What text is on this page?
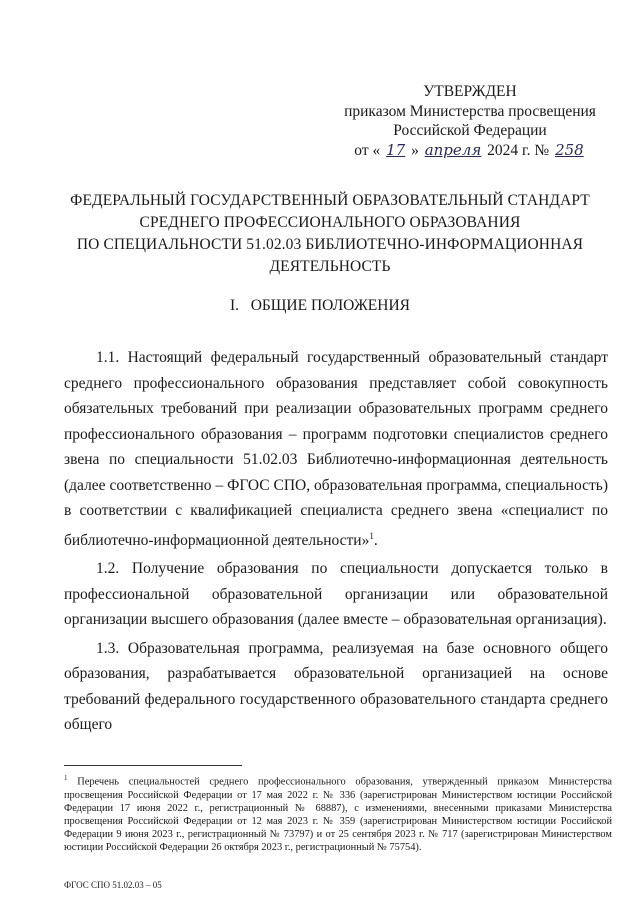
УТВЕРЖДЕН
приказом Министерства просвещения
Российской Федерации
от « 17 » апреля 2024 г. № 258
ФЕДЕРАЛЬНЫЙ ГОСУДАРСТВЕННЫЙ ОБРАЗОВАТЕЛЬНЫЙ СТАНДАРТ
СРЕДНЕГО ПРОФЕССИОНАЛЬНОГО ОБРАЗОВАНИЯ
ПО СПЕЦИАЛЬНОСТИ 51.02.03 БИБЛИОТЕЧНО-ИНФОРМАЦИОННАЯ
ДЕЯТЕЛЬНОСТЬ
I. ОБЩИЕ ПОЛОЖЕНИЯ

1.1. Настоящий федеральный государственный образовательный стандарт среднего профессионального образования представляет собой совокупность обязательных требований при реализации образовательных программ среднего профессионального образования – программ подготовки специалистов среднего звена по специальности 51.02.03 Библиотечно-информационная деятельность (далее соответственно – ФГОС СПО, образовательная программа, специальность) в соответствии с квалификацией специалиста среднего звена «специалист по библиотечно-информационной деятельности»$^1$.

1.2. Получение образования по специальности допускается только в профессиональной образовательной организации или образовательной организации высшего образования (далее вместе – образовательная организация).

1.3. Образовательная программа, реализуемая на базе основного общего образования, разрабатывается образовательной организацией на основе требований федерального государственного образовательного стандарта среднего общего

$^1$ Перечень специальностей среднего профессионального образования, утвержденный приказом Министерства просвещения Российской Федерации от 17 мая 2022 г. № 336 (зарегистрирован Министерством юстиции Российской Федерации 17 июня 2022 г., регистрационный № 68887), с изменениями, внесенными приказами Министерства просвещения Российской Федерации от 12 мая 2023 г. № 359 (зарегистрирован Министерством юстиции Российской Федерации 9 июня 2023 г., регистрационный № 73797) и от 25 сентября 2023 г. № 717 (зарегистрирован Министерством юстиции Российской Федерации 26 октября 2023 г., регистрационный № 75754).
ФГОС СПО 51.02.03 – 05
